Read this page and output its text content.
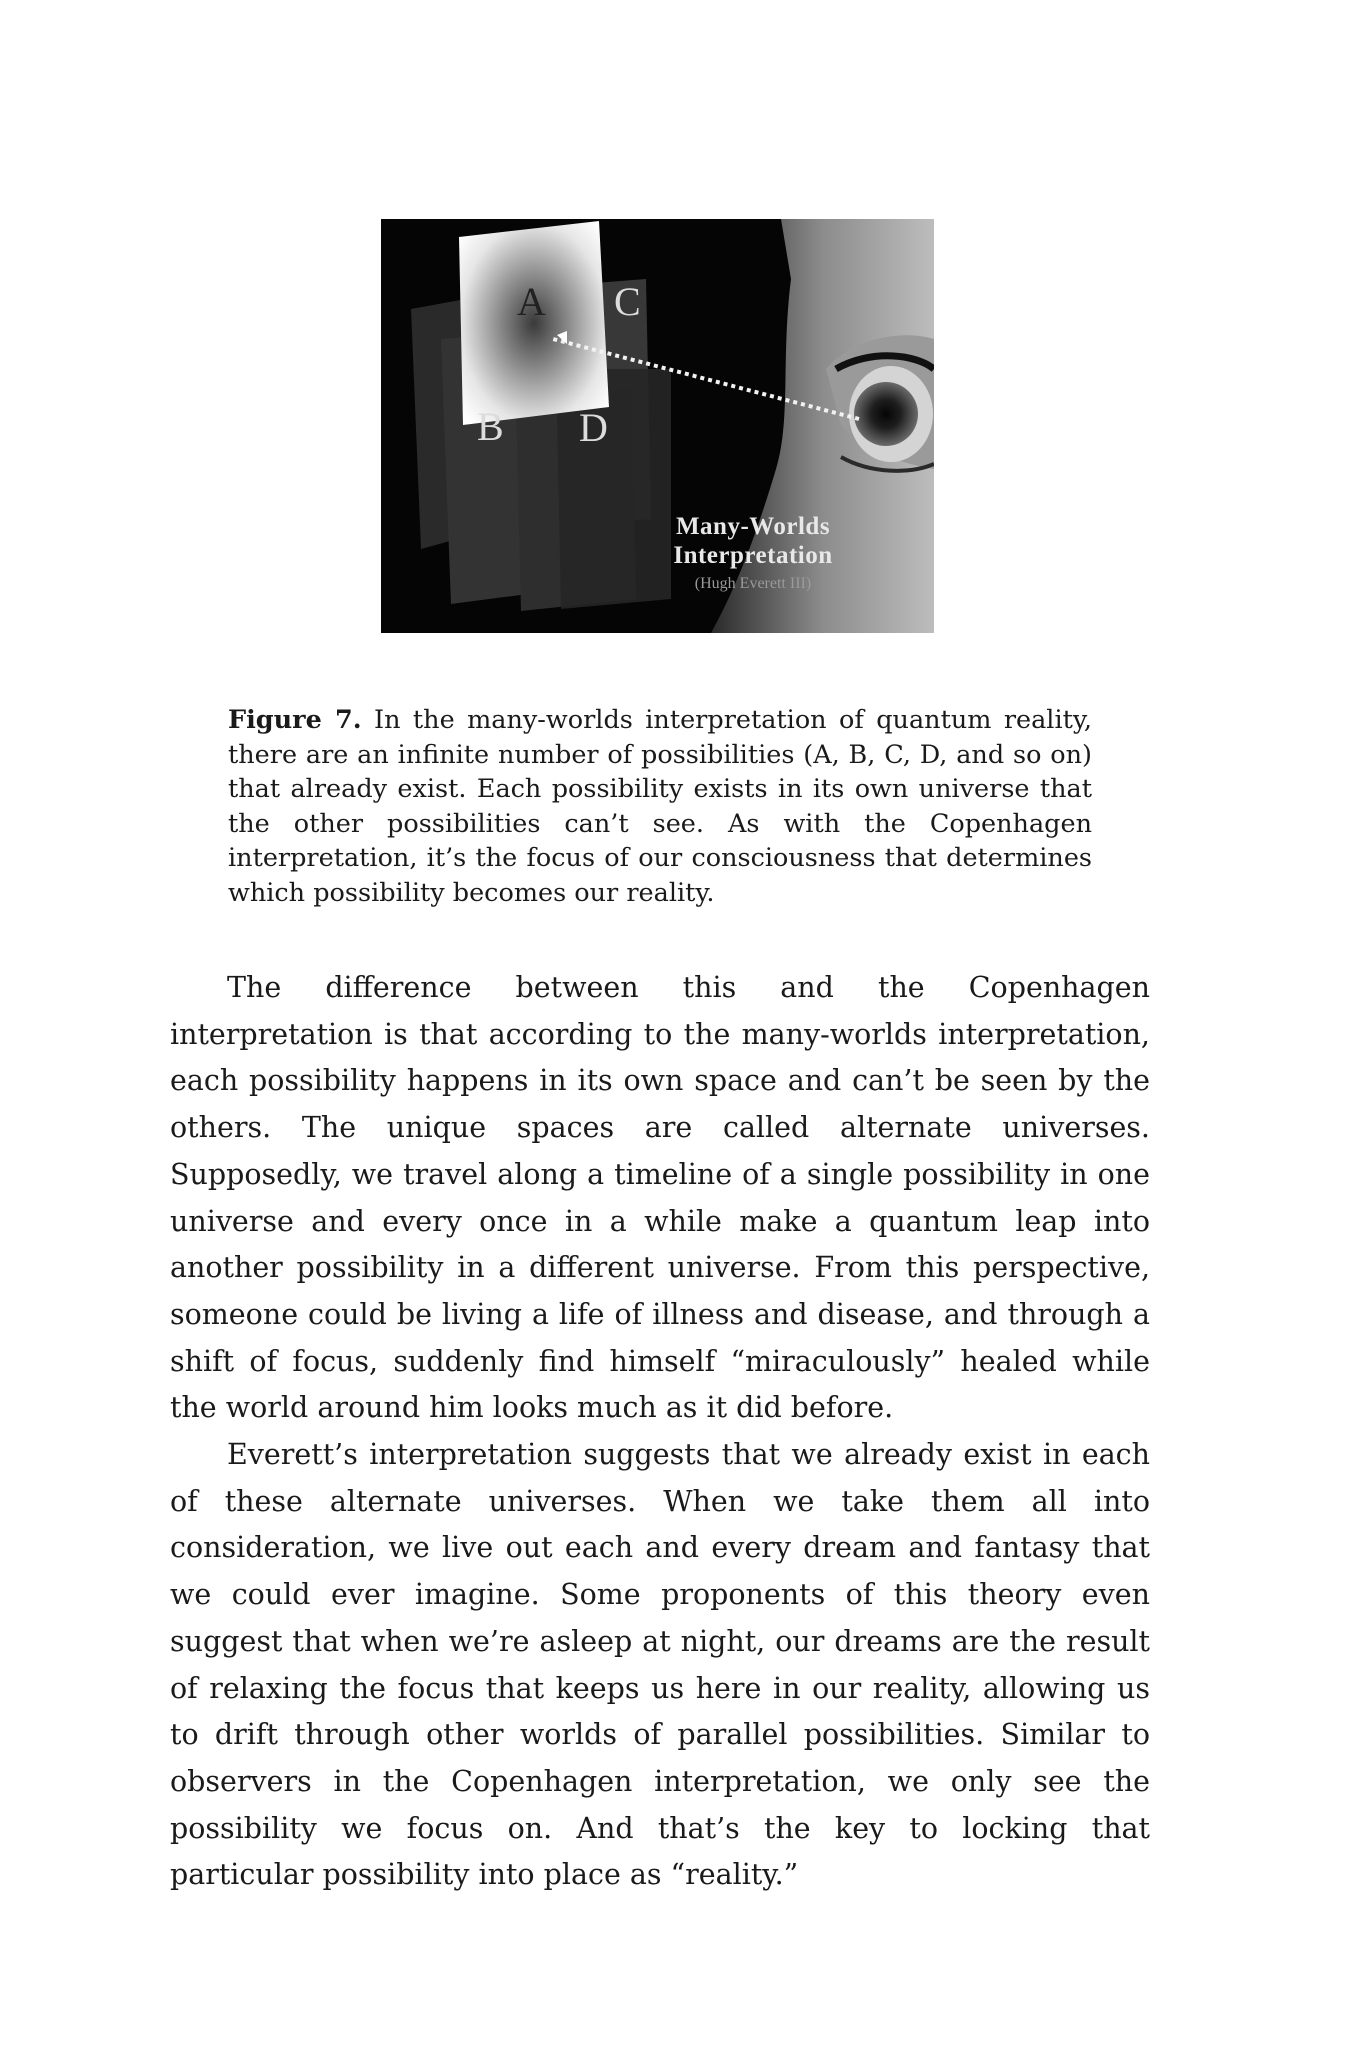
A C
B D
Many-Worlds
Interpretation
(Hugh Everett III)
Figure 7. In the many-worlds interpretation of quantum reality, there are an infinite number of possibilities (A, B, C, D, and so on) that already exist. Each possibility exists in its own universe that the other possibilities can’t see. As with the Copenhagen interpretation, it’s the focus of our consciousness that determines which possibility becomes our reality.

The difference between this and the Copenhagen interpretation is that according to the many-worlds interpretation, each possibility happens in its own space and can’t be seen by the others. The unique spaces are called alternate universes. Supposedly, we travel along a timeline of a single possibility in one universe and every once in a while make a quantum leap into another possibility in a different universe. From this perspective, someone could be living a life of illness and disease, and through a shift of focus, suddenly find himself “miraculously” healed while the world around him looks much as it did before.

Everett’s interpretation suggests that we already exist in each of these alternate universes. When we take them all into consideration, we live out each and every dream and fantasy that we could ever imagine. Some proponents of this theory even suggest that when we’re asleep at night, our dreams are the result of relaxing the focus that keeps us here in our reality, allowing us to drift through other worlds of parallel possibilities. Similar to observers in the Copenhagen interpretation, we only see the possibility we focus on. And that’s the key to locking that particular possibility into place as “reality.”
